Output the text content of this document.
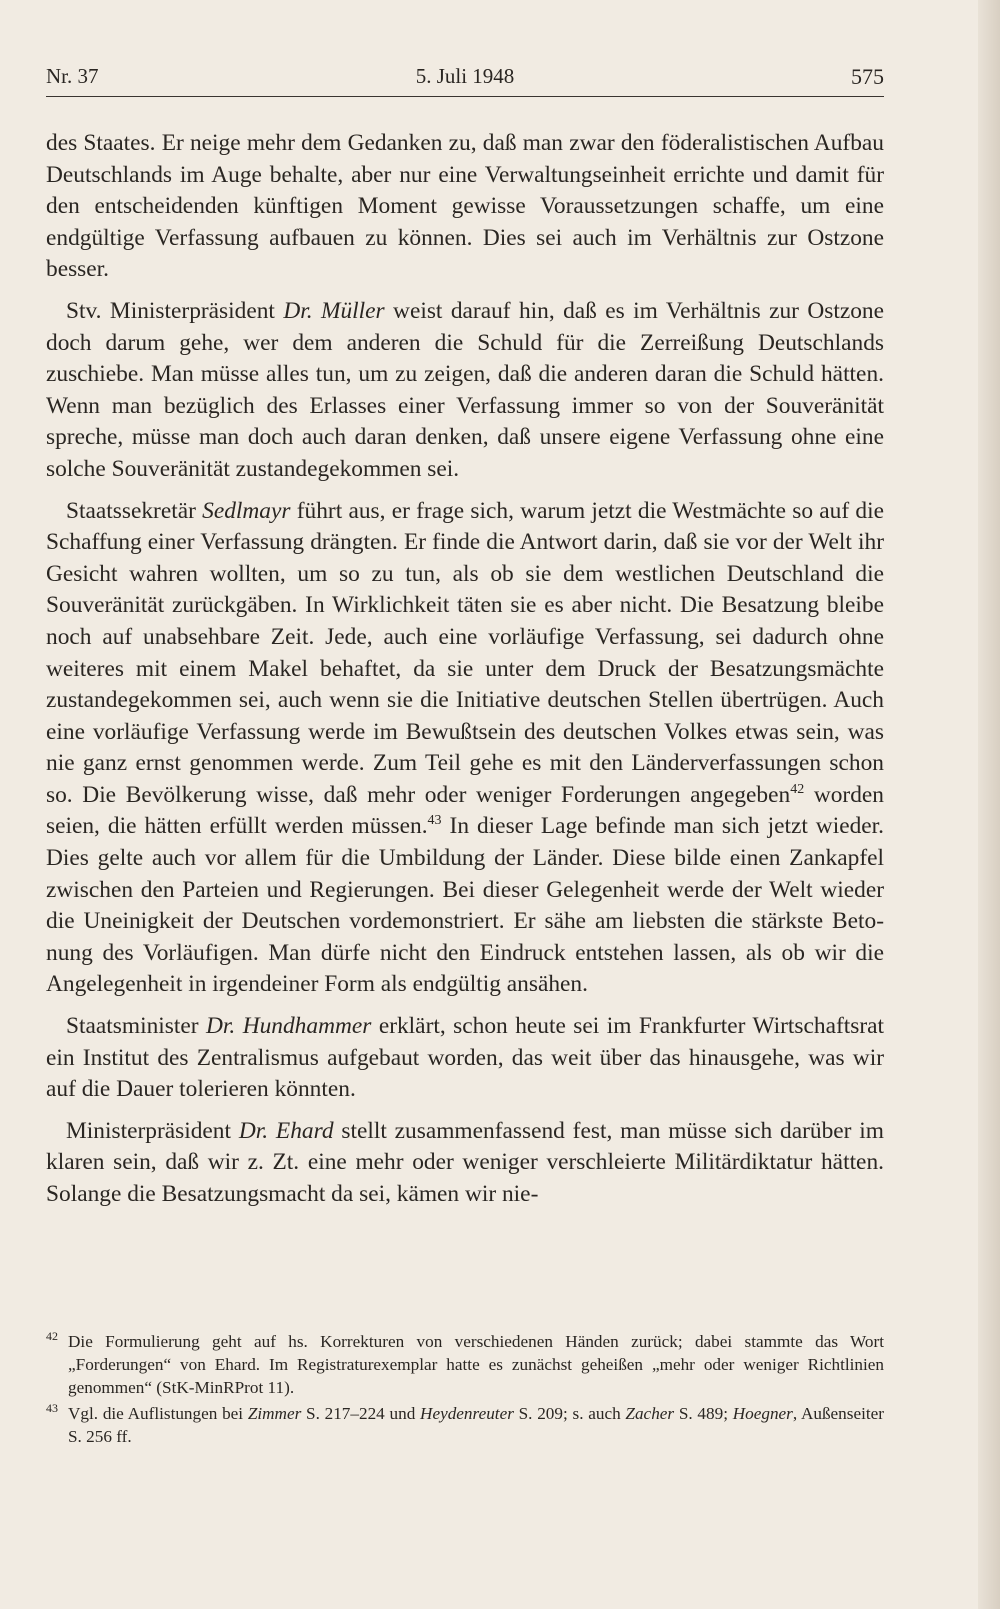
Nr. 37	5. Juli 1948	575

des Staates. Er neige mehr dem Gedanken zu, daß man zwar den föderalistischen Aufbau Deutschlands im Auge behalte, aber nur eine Verwaltungseinheit errichte und damit für den entscheidenden künftigen Moment gewisse Voraussetzungen schaffe, um eine endgültige Verfassung aufbauen zu können. Dies sei auch im Verhältnis zur Ostzone besser.

Stv. Ministerpräsident Dr. Müller weist darauf hin, daß es im Verhältnis zur Ostzone doch darum gehe, wer dem anderen die Schuld für die Zerreißung Deutschlands zuschiebe. Man müsse alles tun, um zu zeigen, daß die anderen daran die Schuld hätten. Wenn man bezüglich des Erlasses einer Verfassung immer so von der Souveränität spreche, müsse man doch auch daran denken, daß unsere eigene Verfassung ohne eine solche Souveränität zustandegekommen sei.

Staatssekretär Sedlmayr führt aus, er frage sich, warum jetzt die Westmächte so auf die Schaffung einer Verfassung drängten. Er finde die Antwort darin, daß sie vor der Welt ihr Gesicht wahren wollten, um so zu tun, als ob sie dem westlichen Deutschland die Souveränität zurückgäben. In Wirklichkeit täten sie es aber nicht. Die Besatzung bleibe noch auf unabsehbare Zeit. Jede, auch eine vorläufige Verfassung, sei dadurch ohne weiteres mit einem Makel behaftet, da sie unter dem Druck der Besatzungsmächte zustandegekommen sei, auch wenn sie die Initiative deutschen Stellen übertrügen. Auch eine vorläufige Verfassung werde im Bewußtsein des deutschen Volkes etwas sein, was nie ganz ernst genommen werde. Zum Teil gehe es mit den Länderverfassungen schon so. Die Bevölkerung wisse, daß mehr oder weniger Forderungen angegeben$^{42}$ worden seien, die hätten erfüllt werden müssen.$^{43}$ In dieser Lage befinde man sich jetzt wieder. Dies gelte auch vor allem für die Umbildung der Länder. Diese bilde einen Zankapfel zwischen den Parteien und Regierungen. Bei dieser Gelegenheit werde der Welt wieder die Uneinigkeit der Deutschen vordemonstriert. Er sähe am liebsten die stärkste Betonung des Vorläufigen. Man dürfe nicht den Eindruck entstehen lassen, als ob wir die Angelegenheit in irgendeiner Form als endgültig ansähen.

Staatsminister Dr. Hundhammer erklärt, schon heute sei im Frankfurter Wirtschaftsrat ein Institut des Zentralismus aufgebaut worden, das weit über das hinausgehe, was wir auf die Dauer tolerieren könnten.

Ministerpräsident Dr. Ehard stellt zusammenfassend fest, man müsse sich darüber im klaren sein, daß wir z. Zt. eine mehr oder weniger verschleierte Militärdiktatur hätten. Solange die Besatzungsmacht da sei, kämen wir nie-

42 Die Formulierung geht auf hs. Korrekturen von verschiedenen Händen zurück; dabei stammte das Wort „Forderungen“ von Ehard. Im Registraturexemplar hatte es zunächst geheißen „mehr oder weniger Richtlinien genommen“ (StK-MinRProt 11).
43 Vgl. die Auflistungen bei Zimmer S. 217–224 und Heydenreuter S. 209; s. auch Zacher S. 489; Hoegner, Außenseiter S. 256 ff.
